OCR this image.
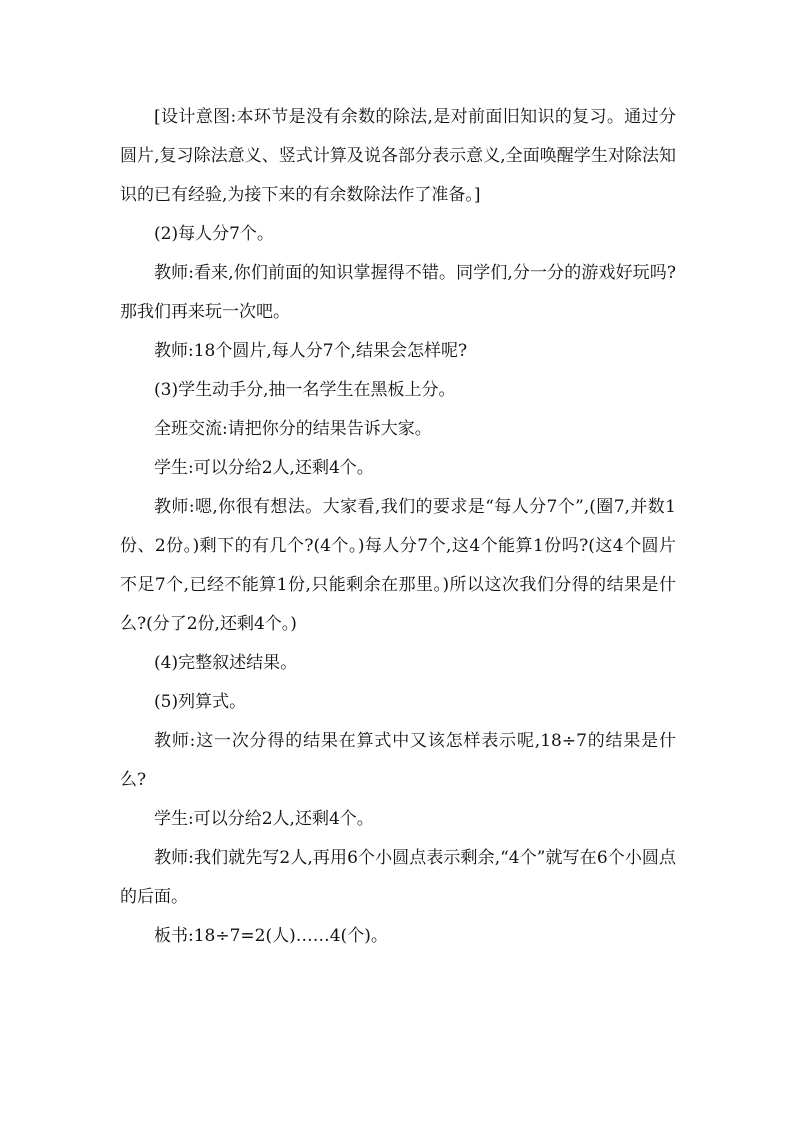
[设计意图:本环节是没有余数的除法,是对前面旧知识的复习。通过分圆片,复习除法意义、竖式计算及说各部分表示意义,全面唤醒学生对除法知识的已有经验,为接下来的有余数除法作了准备。]

(2)每人分7个。

教师:看来,你们前面的知识掌握得不错。同学们,分一分的游戏好玩吗?那我们再来玩一次吧。

教师:18个圆片,每人分7个,结果会怎样呢?

(3)学生动手分,抽一名学生在黑板上分。

全班交流:请把你分的结果告诉大家。

学生:可以分给2人,还剩4个。

教师:嗯,你很有想法。大家看,我们的要求是“每人分7个”,(圈7,并数1份、2份。)剩下的有几个?(4个。)每人分7个,这4个能算1份吗?(这4个圆片不足7个,已经不能算1份,只能剩余在那里。)所以这次我们分得的结果是什么?(分了2份,还剩4个。)

(4)完整叙述结果。

(5)列算式。

教师:这一次分得的结果在算式中又该怎样表示呢,18÷7的结果是什么?

学生:可以分给2人,还剩4个。

教师:我们就先写2人,再用6个小圆点表示剩余,“4个”就写在6个小圆点的后面。

板书:18÷7=2(人)……4(个)。
